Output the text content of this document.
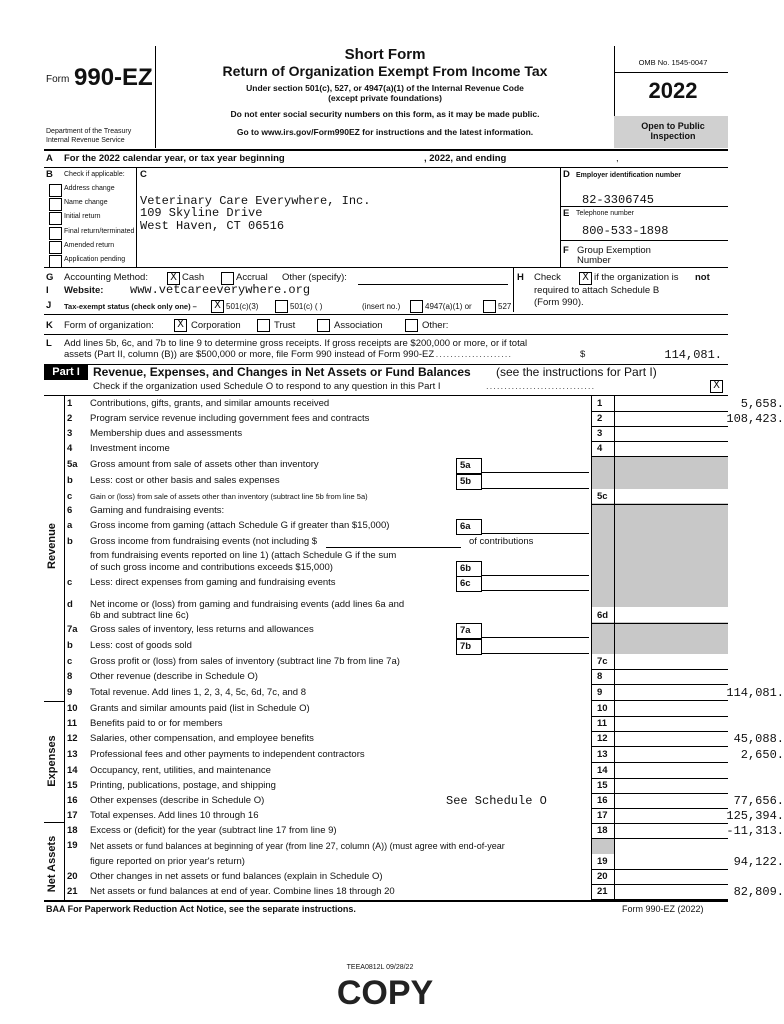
Form 990-EZ
Department of the Treasury
Internal Revenue Service
Short Form
Return of Organization Exempt From Income Tax
Under section 501(c), 527, or 4947(a)(1) of the Internal Revenue Code
(except private foundations)
Do not enter social security numbers on this form, as it may be made public.
Go to www.irs.gov/Form990EZ for instructions and the latest information.
OMB No. 1545-0047
2022
Open to Public
Inspection
A For the 2022 calendar year, or tax year beginning	, 2022, and ending	,
B Check if applicable:
Address change
Name change
Initial return
Final return/terminated
Amended return
Application pending
C
Veterinary Care Everywhere, Inc.
109 Skyline Drive
West Haven, CT 06516
D Employer identification number
82-3306745
E Telephone number
800-533-1898
F Group Exemption
Number
G Accounting Method: X Cash	Accrual Other (specify):	H Check X if the organization is not
required to attach Schedule B
(Form 990).
I Website: www.vetcareeverywhere.org
J Tax-exempt status (check only one) – X 501(c)(3)	501(c) ( )	(insert no.)	4947(a)(1) or	527
K Form of organization: X Corporation	Trust	Association	Other:
L Add lines 5b, 6c, and 7b to line 9 to determine gross receipts. If gross receipts are $200,000 or more, or if total
assets (Part II, column (B)) are $500,000 or more, file Form 990 instead of Form 990-EZ
......................	$	114,081.
Part I	Revenue, Expenses, and Changes in Net Assets or Fund Balances (see the instructions for Part I)
Check if the organization used Schedule O to respond to any question in this Part I	..............................	X
Revenue
Expenses
Net Assets
1	Contributions, gifts, grants, and similar amounts received	1	5,658.
2	Program service revenue including government fees and contracts	2	108,423.
3	Membership dues and assessments	3
4	Investment income	4
5a	Gross amount from sale of assets other than inventory	5a
b	Less: cost or other basis and sales expenses	5b
c	Gain or (loss) from sale of assets other than inventory (subtract line 5b from line 5a)	5c
6	Gaming and fundraising events:
a	Gross income from gaming (attach Schedule G if greater than $15,000)	6a
b	Gross income from fundraising events (not including $	of contributions
from fundraising events reported on line 1) (attach Schedule G if the sum
of such gross income and contributions exceeds $15,000)	6b
c	Less: direct expenses from gaming and fundraising events	6c
d	Net income or (loss) from gaming and fundraising events (add lines 6a and
6b and subtract line 6c)	6d
7a	Gross sales of inventory, less returns and allowances	7a
b	Less: cost of goods sold	7b
c	Gross profit or (loss) from sales of inventory (subtract line 7b from line 7a)	7c
8	Other revenue (describe in Schedule O)	8
9	Total revenue. Add lines 1, 2, 3, 4, 5c, 6d, 7c, and 8	9	114,081.
10	Grants and similar amounts paid (list in Schedule O)	10
11	Benefits paid to or for members	11
12	Salaries, other compensation, and employee benefits	12	45,088.
13	Professional fees and other payments to independent contractors	13	2,650.
14	Occupancy, rent, utilities, and maintenance	14
15	Printing, publications, postage, and shipping	15
16	Other expenses (describe in Schedule O)	See Schedule O	16	77,656.
17	Total expenses. Add lines 10 through 16	17	125,394.
18	Excess or (deficit) for the year (subtract line 17 from line 9)	18	-11,313.
19	Net assets or fund balances at beginning of year (from line 27, column (A)) (must agree with end-of-year
figure reported on prior year's return)	19	94,122.
20	Other changes in net assets or fund balances (explain in Schedule O)	20
21	Net assets or fund balances at end of year. Combine lines 18 through 20	21	82,809.
BAA For Paperwork Reduction Act Notice, see the separate instructions.	Form 990-EZ (2022)
TEEA0812L 09/28/22
COPY
